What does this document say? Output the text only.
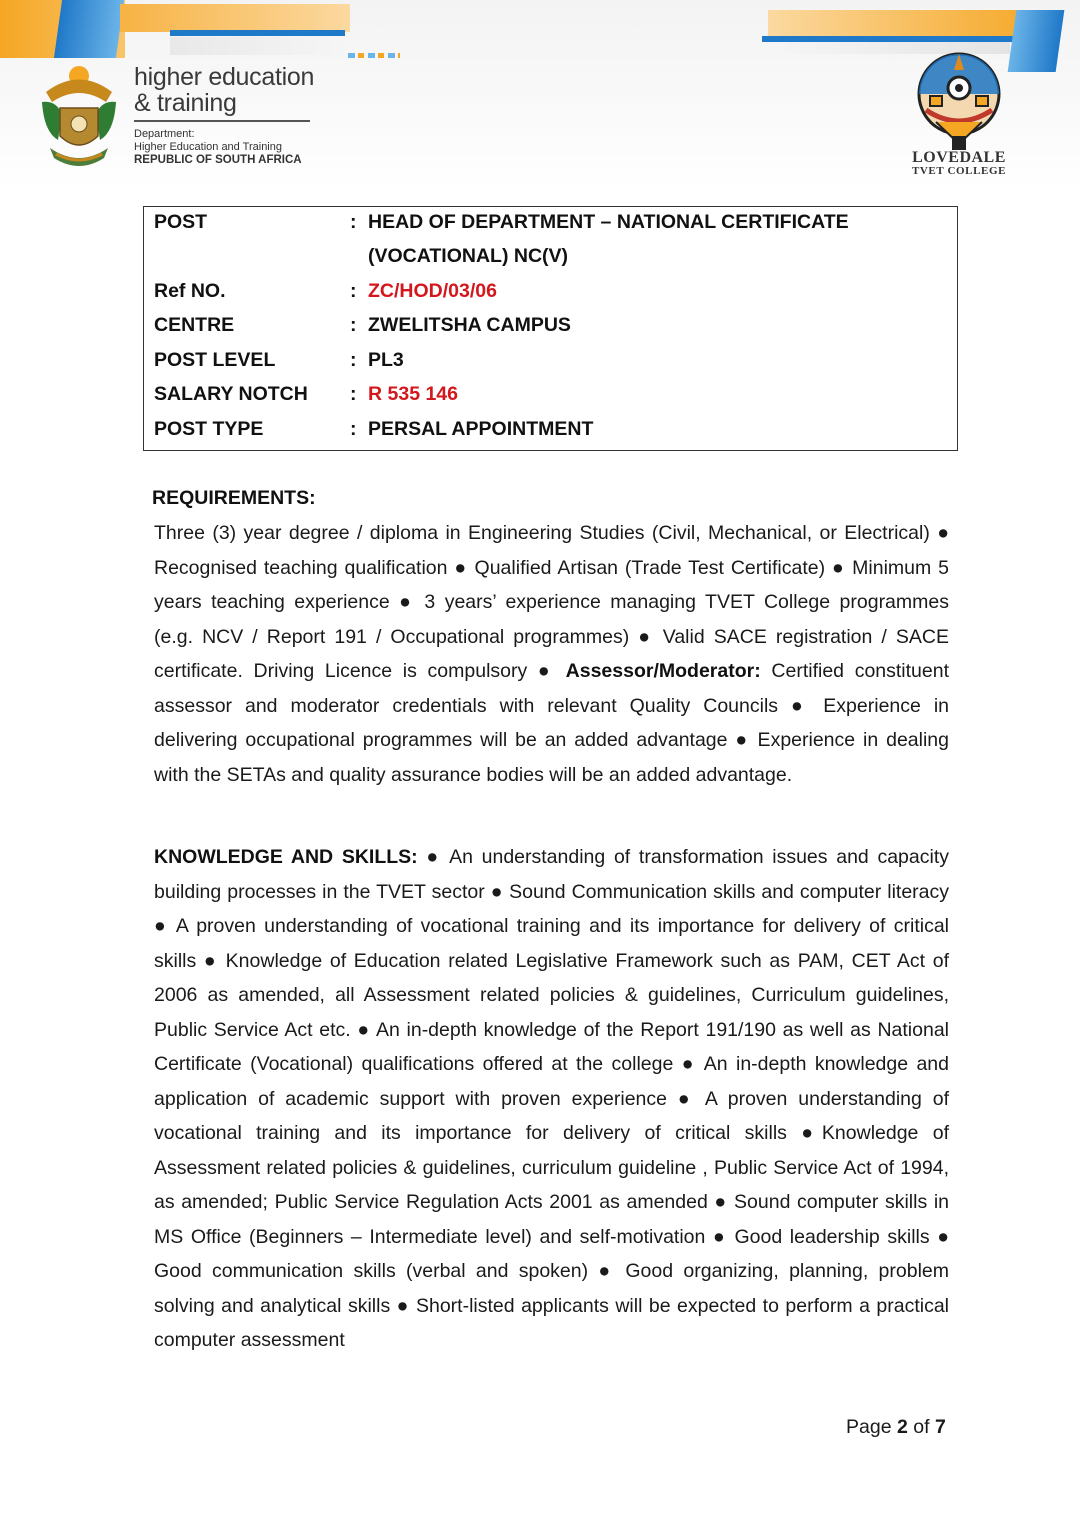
higher education
& training
Department:
Higher Education and Training
REPUBLIC OF SOUTH AFRICA	LOVEDALE
TVET COLLEGE
POST	: HEAD OF DEPARTMENT – NATIONAL CERTIFICATE
(VOCATIONAL) NC(V)
Ref NO.	: ZC/HOD/03/06
CENTRE	: ZWELITSHA CAMPUS
POST LEVEL	: PL3
SALARY NOTCH : R 535 146
POST TYPE	: PERSAL APPOINTMENT
REQUIREMENTS:
Three (3) year degree / diploma in Engineering Studies (Civil, Mechanical, or Electrical) ● Recognised teaching qualification ● Qualified Artisan (Trade Test Certificate) ● Minimum 5 years teaching experience ● 3 years’ experience managing TVET College programmes (e.g. NCV / Report 191 / Occupational programmes) ● Valid SACE registration / SACE certificate. Driving Licence is compulsory ● Assessor/Moderator: Certified constituent assessor and moderator credentials with relevant Quality Councils ● Experience in delivering occupational programmes will be an added advantage ● Experience in dealing with the SETAs and quality assurance bodies will be an added advantage.
KNOWLEDGE AND SKILLS: ● An understanding of transformation issues and capacity building processes in the TVET sector ● Sound Communication skills and computer literacy ● A proven understanding of vocational training and its importance for delivery of critical skills ● Knowledge of Education related Legislative Framework such as PAM, CET Act of 2006 as amended, all Assessment related policies & guidelines, Curriculum guidelines, Public Service Act etc. ● An in-depth knowledge of the Report 191/190 as well as National Certificate (Vocational) qualifications offered at the college ● An in-depth knowledge and application of academic support with proven experience ● A proven understanding of vocational training and its importance for delivery of critical skills ●Knowledge of Assessment related policies & guidelines, curriculum guideline , Public Service Act of 1994, as amended; Public Service Regulation Acts 2001 as amended ● Sound computer skills in MS Office (Beginners – Intermediate level) and self-motivation ● Good leadership skills ● Good communication skills (verbal and spoken) ● Good organizing, planning, problem solving and analytical skills ● Short-listed applicants will be expected to perform a practical computer assessment
Page 2 of 7
